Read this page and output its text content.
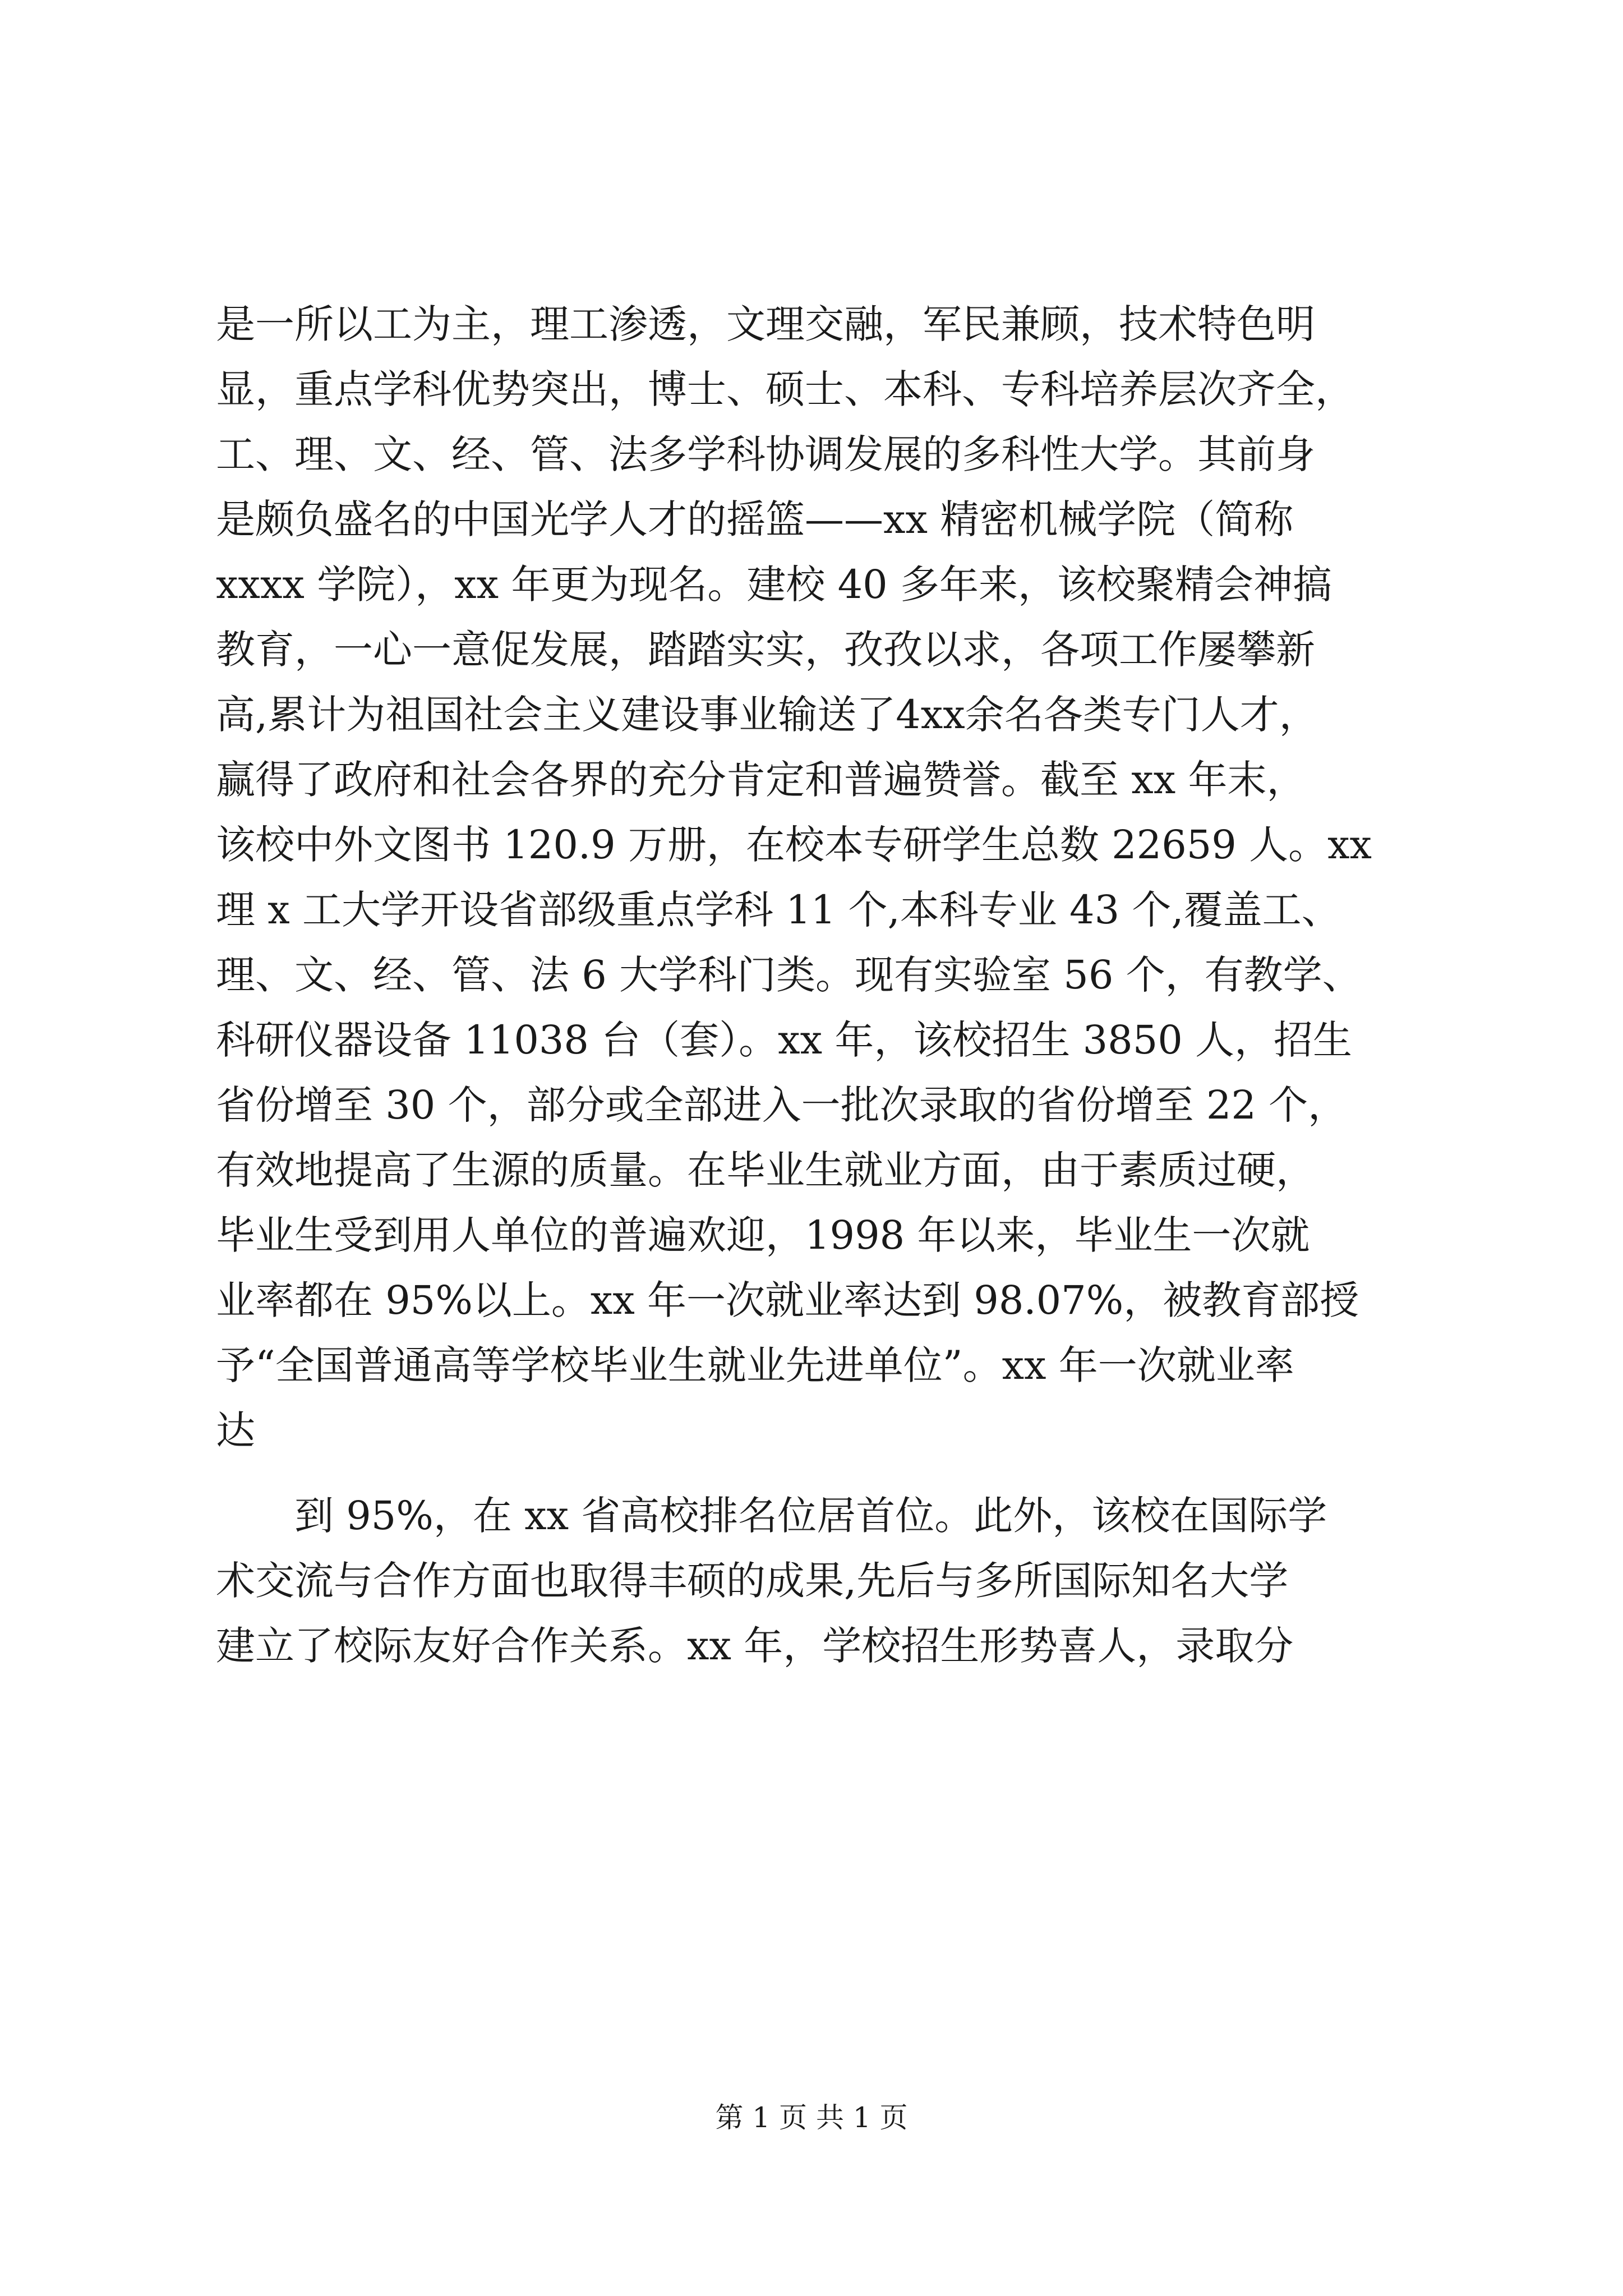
是一所以工为主，理工渗透，文理交融，军民兼顾，技术特色明
显，重点学科优势突出，博士、硕士、本科、专科培养层次齐全，
工、理、文、经、管、法多学科协调发展的多科性大学。其前身
是颇负盛名的中国光学人才的摇篮——xx 精密机械学院（简称
xxxx 学院），xx 年更为现名。建校 40 多年来，该校聚精会神搞
教育，一心一意促发展，踏踏实实，孜孜以求，各项工作屡攀新
高,累计为祖国社会主义建设事业输送了4xx余名各类专门人才，
赢得了政府和社会各界的充分肯定和普遍赞誉。截至 xx 年末，
该校中外文图书 120.9 万册，在校本专研学生总数 22659 人。xx
理 x 工大学开设省部级重点学科 11 个,本科专业 43 个,覆盖工、
理、文、经、管、法 6 大学科门类。现有实验室 56 个，有教学、
科研仪器设备 11038 台（套）。xx 年，该校招生 3850 人，招生
省份增至 30 个，部分或全部进入一批次录取的省份增至 22 个，
有效地提高了生源的质量。在毕业生就业方面，由于素质过硬，
毕业生受到用人单位的普遍欢迎，1998 年以来，毕业生一次就
业率都在 95%以上。xx 年一次就业率达到 98.07%，被教育部授
予“全国普通高等学校毕业生就业先进单位”。xx 年一次就业率
达
到 95%，在 xx 省高校排名位居首位。此外，该校在国际学
术交流与合作方面也取得丰硕的成果,先后与多所国际知名大学
建立了校际友好合作关系。xx 年，学校招生形势喜人，录取分
第 1 页 共 1 页
